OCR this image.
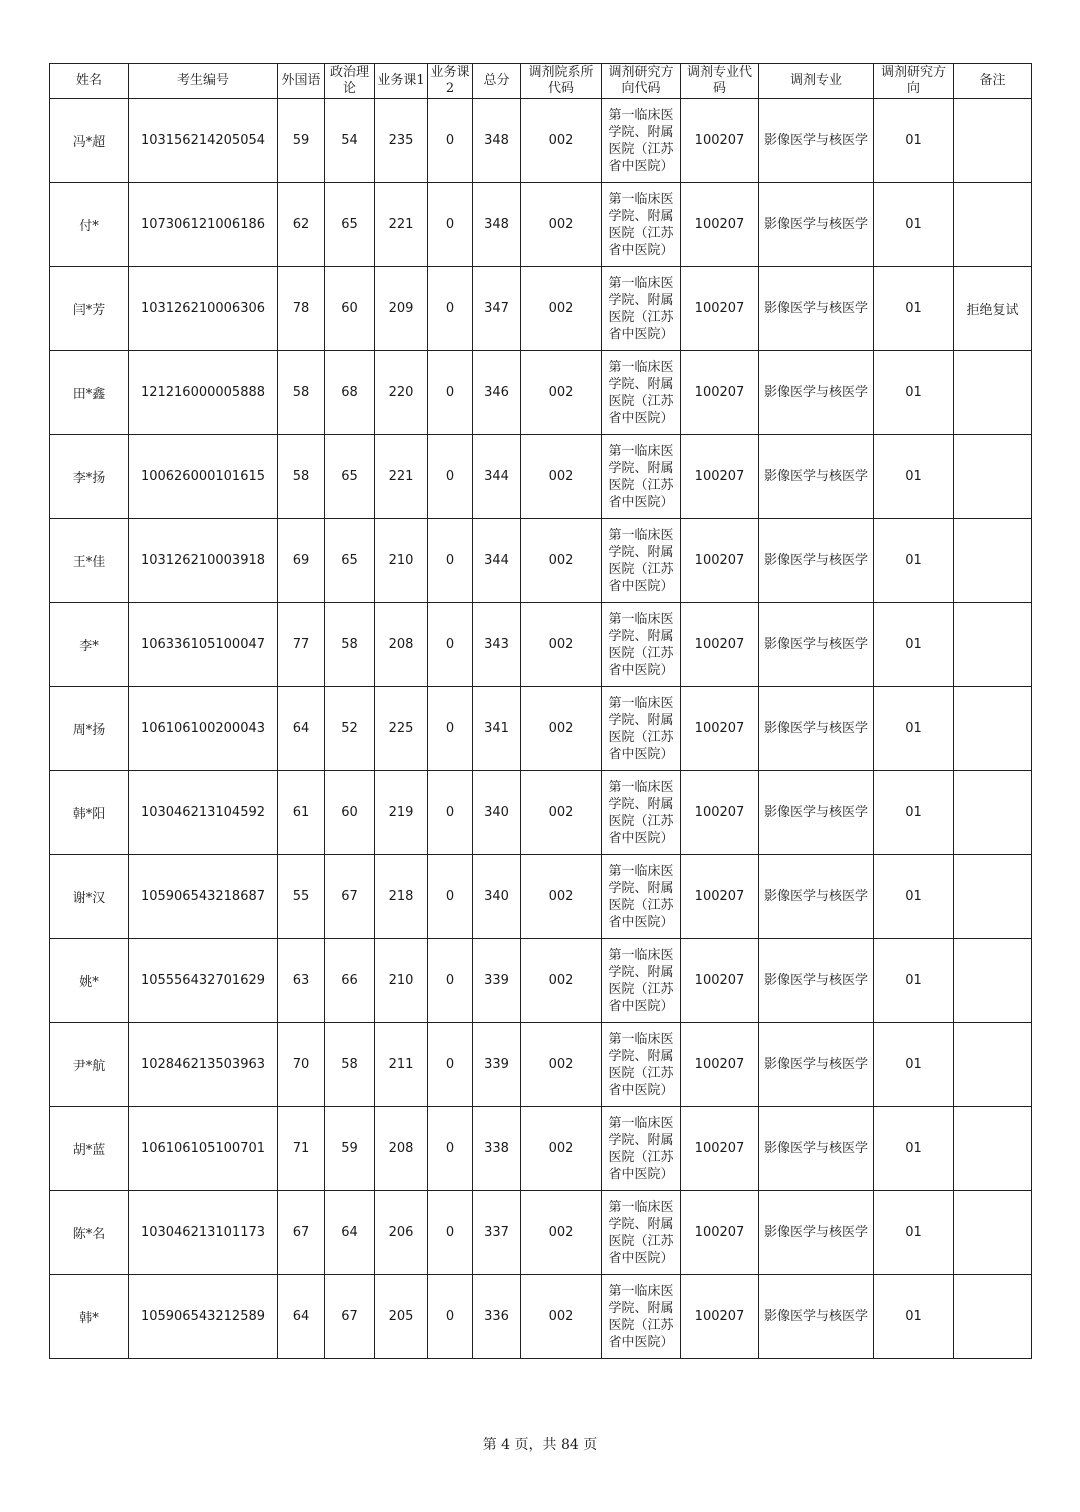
姓名	考生编号	外国语	政治理论	业务课1	业务课2	总分	调剂院系所代码	调剂研究方向代码	调剂专业代码	调剂专业	调剂研究方向	备注
冯*超	103156214205054	59	54	235	0	348	002	第一临床医学院、附属医院（江苏省中医院）	100207	影像医学与核医学	01	
付*	107306121006186	62	65	221	0	348	002	第一临床医学院、附属医院（江苏省中医院）	100207	影像医学与核医学	01	
闫*芳	103126210006306	78	60	209	0	347	002	第一临床医学院、附属医院（江苏省中医院）	100207	影像医学与核医学	01	拒绝复试
田*鑫	121216000005888	58	68	220	0	346	002	第一临床医学院、附属医院（江苏省中医院）	100207	影像医学与核医学	01	
李*扬	100626000101615	58	65	221	0	344	002	第一临床医学院、附属医院（江苏省中医院）	100207	影像医学与核医学	01	
王*佳	103126210003918	69	65	210	0	344	002	第一临床医学院、附属医院（江苏省中医院）	100207	影像医学与核医学	01	
李*	106336105100047	77	58	208	0	343	002	第一临床医学院、附属医院（江苏省中医院）	100207	影像医学与核医学	01	
周*扬	106106100200043	64	52	225	0	341	002	第一临床医学院、附属医院（江苏省中医院）	100207	影像医学与核医学	01	
韩*阳	103046213104592	61	60	219	0	340	002	第一临床医学院、附属医院（江苏省中医院）	100207	影像医学与核医学	01	
谢*汉	105906543218687	55	67	218	0	340	002	第一临床医学院、附属医院（江苏省中医院）	100207	影像医学与核医学	01	
姚*	105556432701629	63	66	210	0	339	002	第一临床医学院、附属医院（江苏省中医院）	100207	影像医学与核医学	01	
尹*航	102846213503963	70	58	211	0	339	002	第一临床医学院、附属医院（江苏省中医院）	100207	影像医学与核医学	01	
胡*蓝	106106105100701	71	59	208	0	338	002	第一临床医学院、附属医院（江苏省中医院）	100207	影像医学与核医学	01	
陈*名	103046213101173	67	64	206	0	337	002	第一临床医学院、附属医院（江苏省中医院）	100207	影像医学与核医学	01	
韩*	105906543212589	64	67	205	0	336	002	第一临床医学院、附属医院（江苏省中医院）	100207	影像医学与核医学	01	
第 4 页，共 84 页
